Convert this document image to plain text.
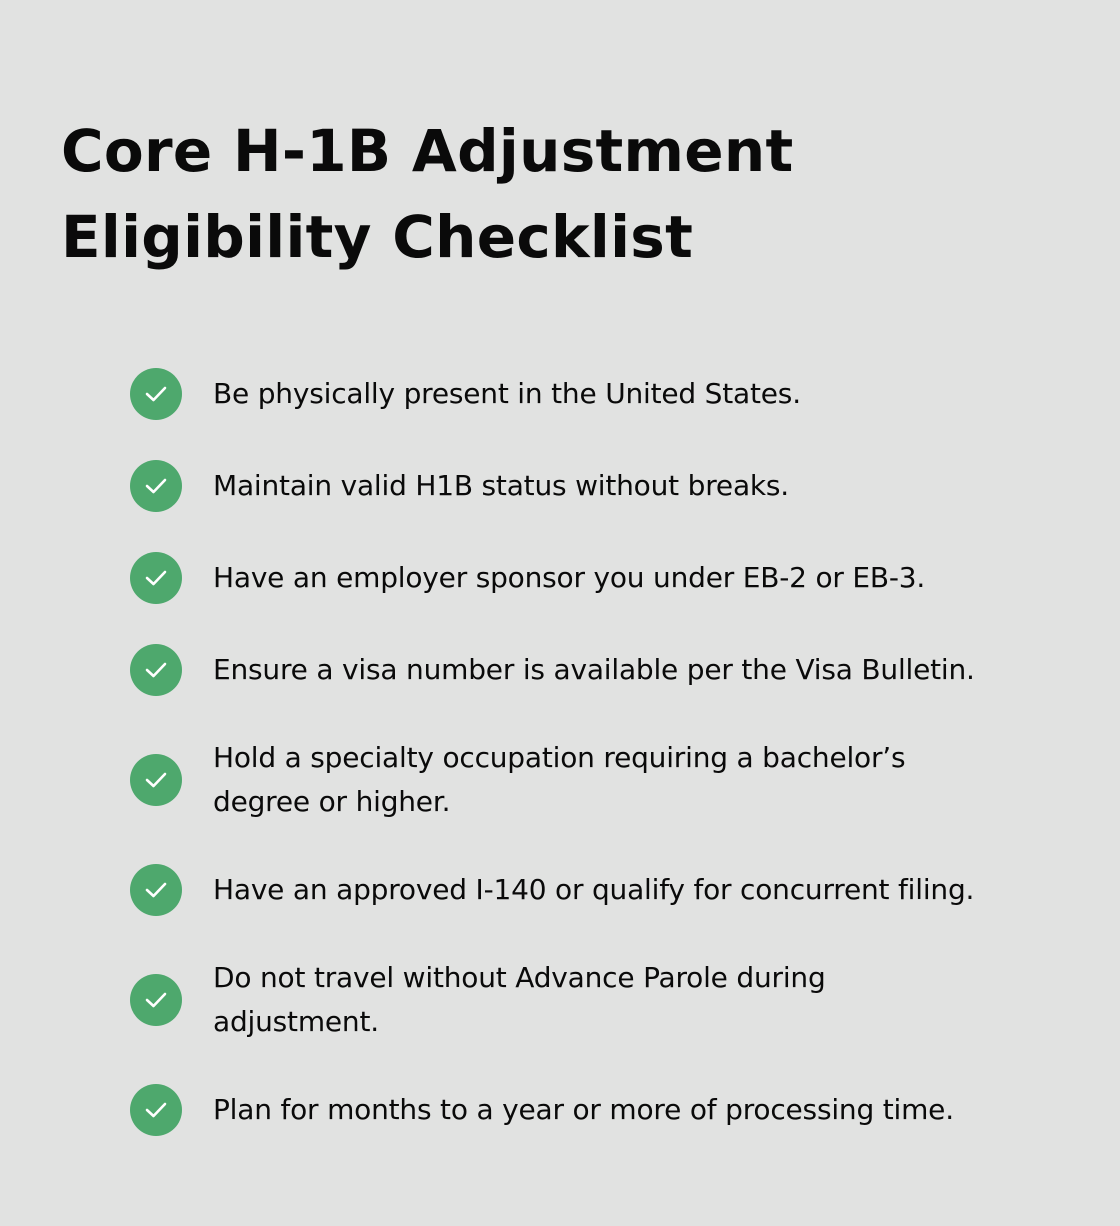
Core H-1B Adjustment
Eligibility Checklist
Be physically present in the United States.
Maintain valid H1B status without breaks.
Have an employer sponsor you under EB-2 or EB-3.
Ensure a visa number is available per the Visa Bulletin.
Hold a specialty occupation requiring a bachelor’s degree or higher.
Have an approved I-140 or qualify for concurrent filing.
Do not travel without Advance Parole during adjustment.
Plan for months to a year or more of processing time.
